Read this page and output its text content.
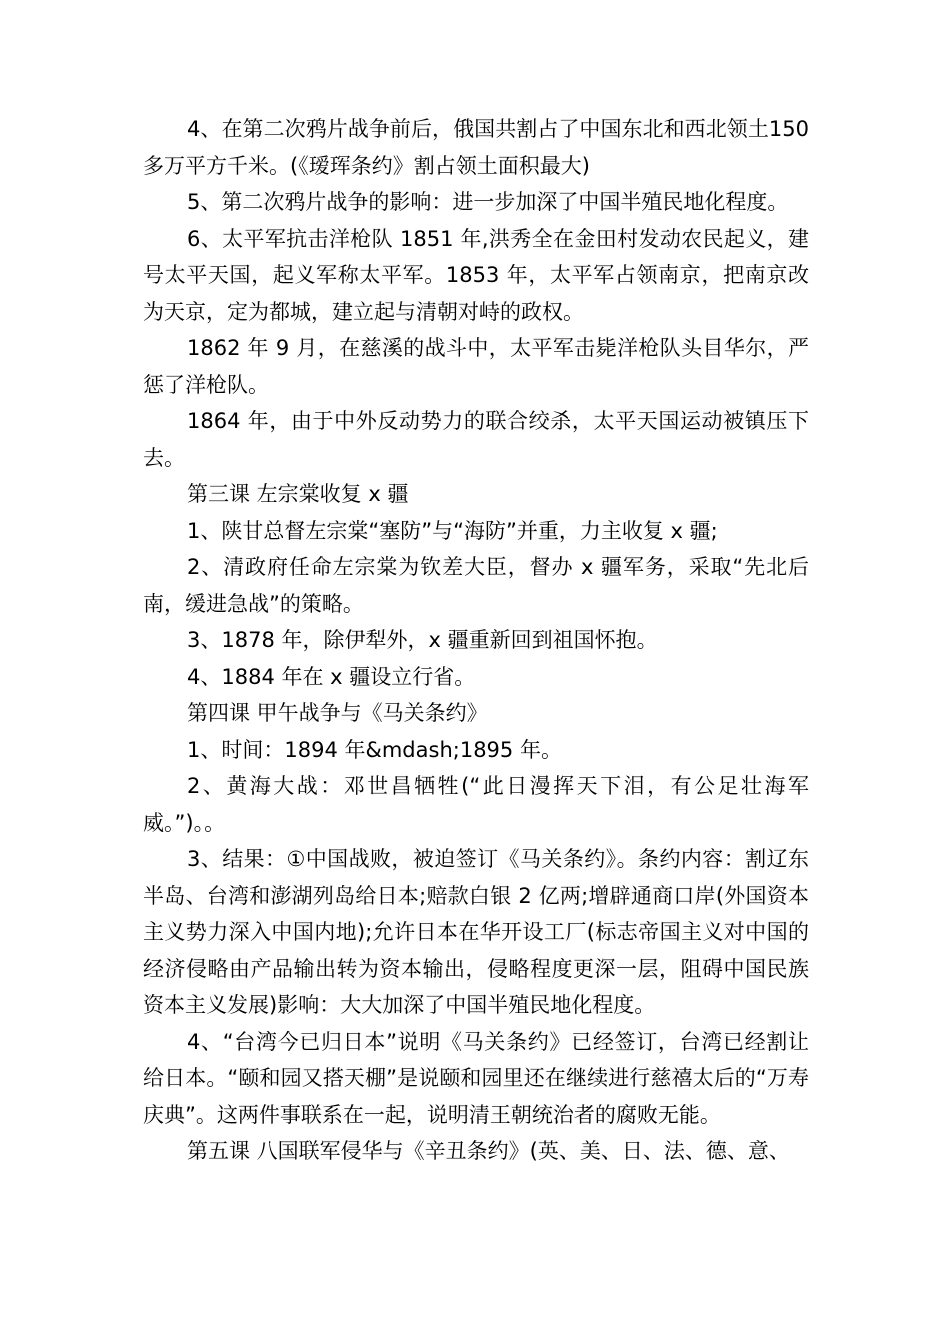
4、在第二次鸦片战争前后，俄国共割占了中国东北和西北领土150多万平方千米。(《瑷珲条约》割占领土面积最大)

5、第二次鸦片战争的影响：进一步加深了中国半殖民地化程度。

6、太平军抗击洋枪队 1851 年,洪秀全在金田村发动农民起义，建号太平天国，起义军称太平军。1853 年，太平军占领南京，把南京改为天京，定为都城，建立起与清朝对峙的政权。

1862 年 9 月，在慈溪的战斗中，太平军击毙洋枪队头目华尔，严惩了洋枪队。

1864 年，由于中外反动势力的联合绞杀，太平天国运动被镇压下去。

第三课 左宗棠收复 x 疆

1、陕甘总督左宗棠“塞防”与“海防”并重，力主收复 x 疆;

2、清政府任命左宗棠为钦差大臣，督办 x 疆军务，采取“先北后南，缓进急战”的策略。

3、1878 年，除伊犁外，x 疆重新回到祖国怀抱。

4、1884 年在 x 疆设立行省。

第四课 甲午战争与《马关条约》

1、时间：1894 年&mdash;1895 年。

2、黄海大战：邓世昌牺牲(“此日漫挥天下泪，有公足壮海军威。”)。。

3、结果：①中国战败，被迫签订《马关条约》。条约内容：割辽东半岛、台湾和澎湖列岛给日本;赔款白银 2 亿两;增辟通商口岸(外国资本主义势力深入中国内地);允许日本在华开设工厂(标志帝国主义对中国的经济侵略由产品输出转为资本输出，侵略程度更深一层，阻碍中国民族资本主义发展)影响：大大加深了中国半殖民地化程度。

4、“台湾今已归日本”说明《马关条约》已经签订，台湾已经割让给日本。“颐和园又搭天棚”是说颐和园里还在继续进行慈禧太后的“万寿庆典”。这两件事联系在一起，说明清王朝统治者的腐败无能。

第五课 八国联军侵华与《辛丑条约》(英、美、日、法、德、意、
